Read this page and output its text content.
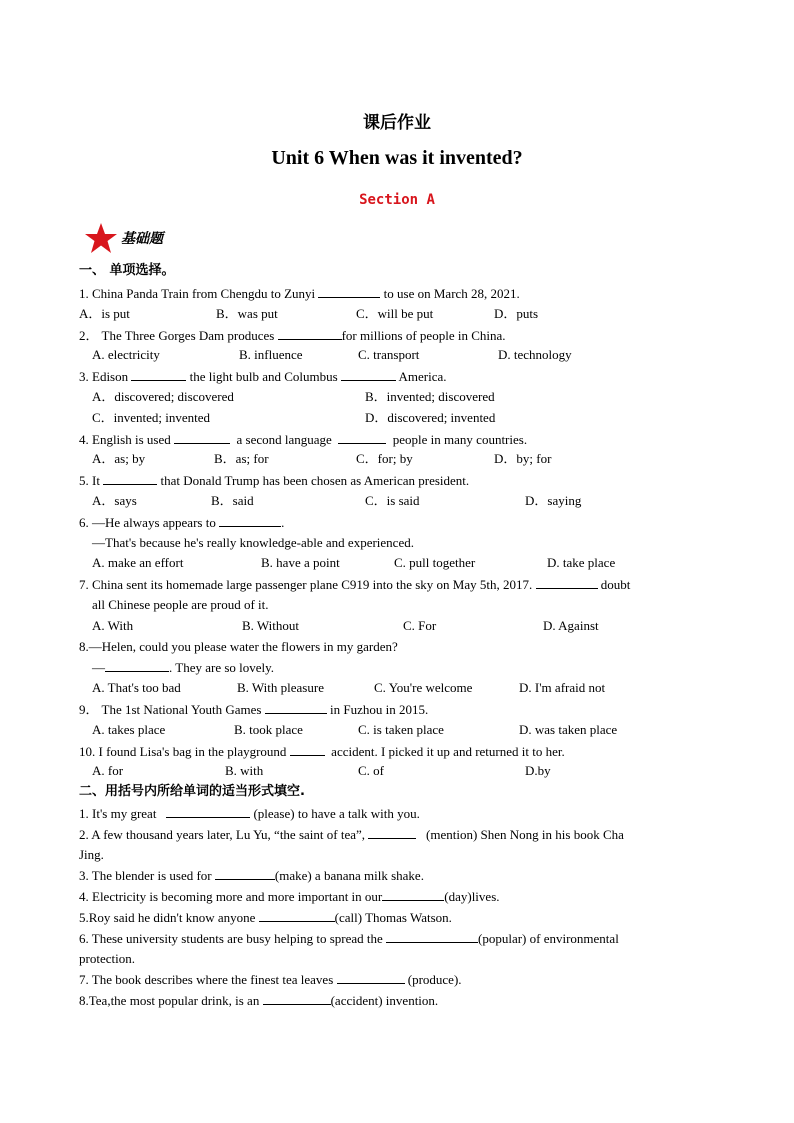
课后作业
Unit 6 When was it invented?
Section A
基础题
一、 单项选择。
1. China Panda Train from Chengdu to Zunyi	to use on March 28, 2021.
A．is put	B．was put	C．will be put	D．puts
2． The Three Gorges Dam produces	for millions of people in China.
A. electricity	B. influence	C. transport	D. technology
3. Edison	the light bulb and Columbus	America.
A．discovered; discovered	B．invented; discovered
C．invented; invented	D．discovered; invented
4. English is used	a second language	people in many countries.
A．as; by	B．as; for	C．for; by	D．by; for
5. It	that Donald Trump has been chosen as American president.
A．says	B．said	C．is said	D．saying
6. —He always appears to	.
—That's because he's really knowledge-able and experienced.
A. make an effort	B. have a point	C. pull together	D. take place
7. China sent its homemade large passenger plane C919 into the sky on May 5th, 2017.	doubt
all Chinese people are proud of it.
A. With	B. Without	C. For	D. Against
8.—Helen, could you please water the flowers in my garden?
—	. They are so lovely.
A. That's too bad	B. With pleasure	C. You're welcome	D. I'm afraid not
9． The 1st National Youth Games	in Fuzhou in 2015.
A. takes place	B. took place	C. is taken place	D. was taken place
10. I found Lisa's bag in the playground	accident. I picked it up and returned it to her.
A. for	B. with	C. of	D.by
二、用括号内所给单词的适当形式填空.
1. It's my great	(please) to have a talk with you.
2. A few thousand years later, Lu Yu, “the saint of tea”,	(mention) Shen Nong in his book Cha
Jing.
3. The blender is used for	(make) a banana milk shake.
4. Electricity is becoming more and more important in our	(day)lives.
5.Roy said he didn't know anyone	(call) Thomas Watson.
6. These university students are busy helping to spread the	(popular) of environmental
protection.
7. The book describes where the finest tea leaves	(produce).
8.Tea,the most popular drink, is an	(accident) invention.
